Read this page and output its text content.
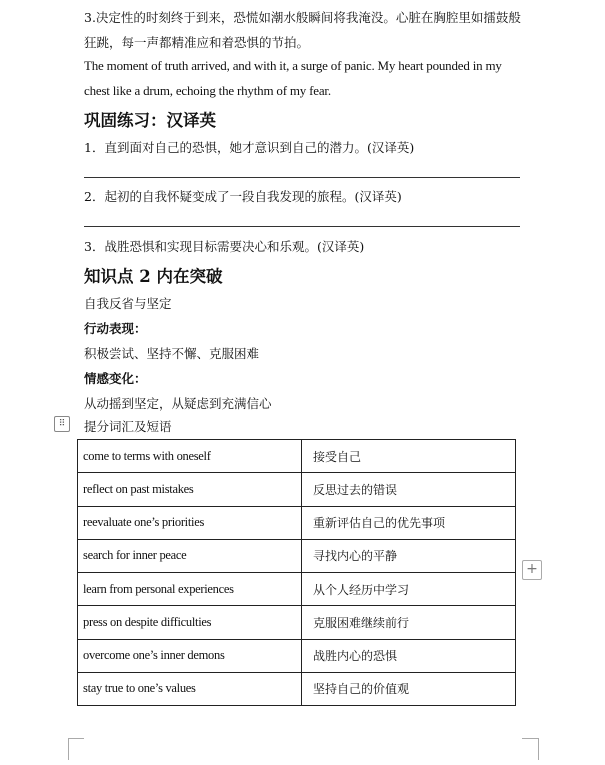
3.决定性的时刻终于到来，恐慌如潮水般瞬间将我淹没。心脏在胸腔里如擂鼓般
狂跳，每一声都精准应和着恐惧的节拍。
The moment of truth arrived, and with it, a surge of panic. My heart pounded in my
chest like a drum, echoing the rhythm of my fear.
巩固练习：汉译英
1．直到面对自己的恐惧，她才意识到自己的潜力。(汉译英)
2．起初的自我怀疑变成了一段自我发现的旅程。(汉译英)
3．战胜恐惧和实现目标需要决心和乐观。(汉译英)
知识点 2 内在突破
自我反省与坚定
行动表现：
积极尝试、坚持不懈、克服困难
情感变化：
从动摇到坚定，从疑虑到充满信心
⠿	提分词汇及短语
come to terms with oneself	接受自己
reflect on past mistakes	反思过去的错误
reevaluate one’s priorities	重新评估自己的优先事项
search for inner peace	寻找内心的平静
learn from personal experiences	从个人经历中学习
press on despite difficulties	克服困难继续前行
overcome one’s inner demons	战胜内心的恐惧
stay true to one’s values	坚持自己的价值观
+
